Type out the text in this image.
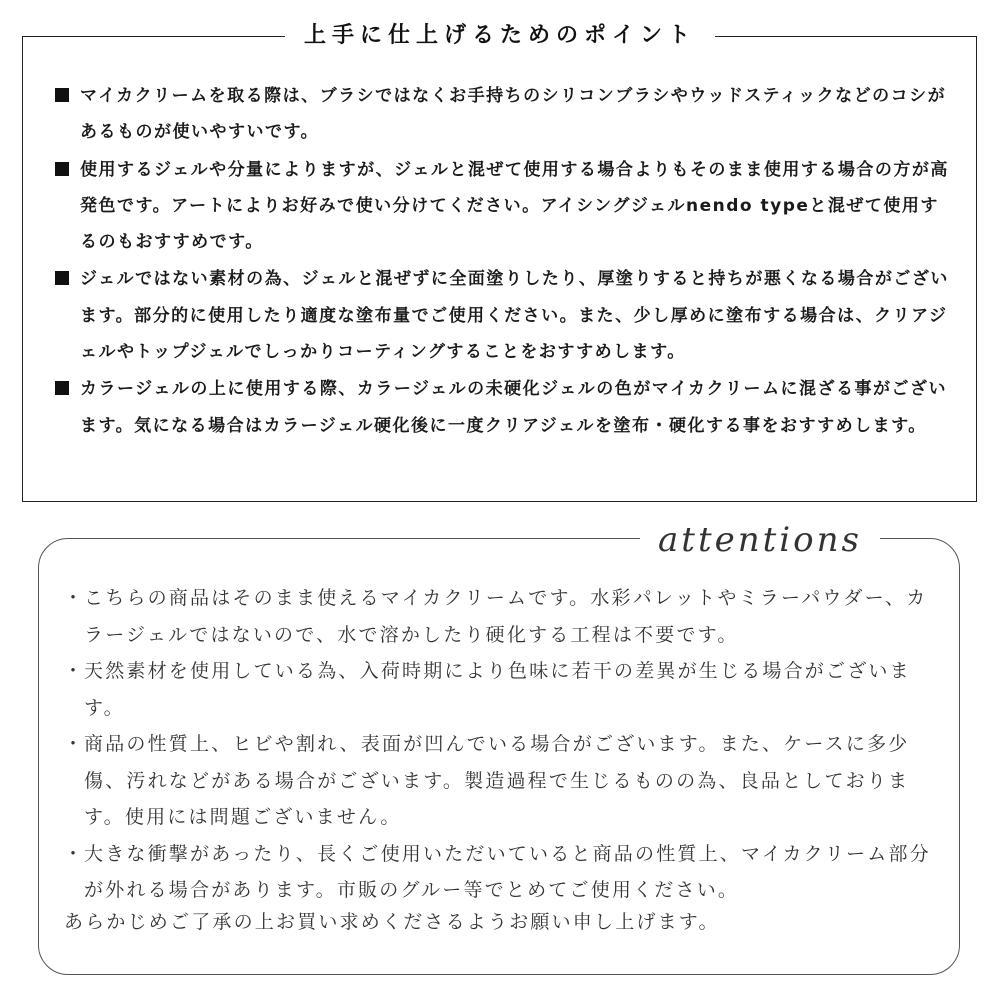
上手に仕上げるためのポイント
マイカクリームを取る際は、ブラシではなくお手持ちのシリコンブラシやウッドスティックなどのコシがあるものが使いやすいです。
使用するジェルや分量によりますが、ジェルと混ぜて使用する場合よりもそのまま使用する場合の方が高発色です。アートによりお好みで使い分けてください。アイシングジェルnendo typeと混ぜて使用するのもおすすめです。
ジェルではない素材の為、ジェルと混ぜずに全面塗りしたり、厚塗りすると持ちが悪くなる場合がございます。部分的に使用したり適度な塗布量でご使用ください。また、少し厚めに塗布する場合は、クリアジェルやトップジェルでしっかりコーティングすることをおすすめします。
カラージェルの上に使用する際、カラージェルの未硬化ジェルの色がマイカクリームに混ざる事がございます。気になる場合はカラージェル硬化後に一度クリアジェルを塗布・硬化する事をおすすめします。
attentions
・ こちらの商品はそのまま使えるマイカクリームです。水彩パレットやミラーパウダー、カラージェルではないので、水で溶かしたり硬化する工程は不要です。
・ 天然素材を使用している為、入荷時期により色味に若干の差異が生じる場合がございます。
・ 商品の性質上、ヒビや割れ、表面が凹んでいる場合がございます。また、ケースに多少傷、汚れなどがある場合がございます。製造過程で生じるものの為、良品としております。使用には問題ございません。
・ 大きな衝撃があったり、長くご使用いただいていると商品の性質上、マイカクリーム部分が外れる場合があります。市販のグルー等でとめてご使用ください。
あらかじめご了承の上お買い求めくださるようお願い申し上げます。
